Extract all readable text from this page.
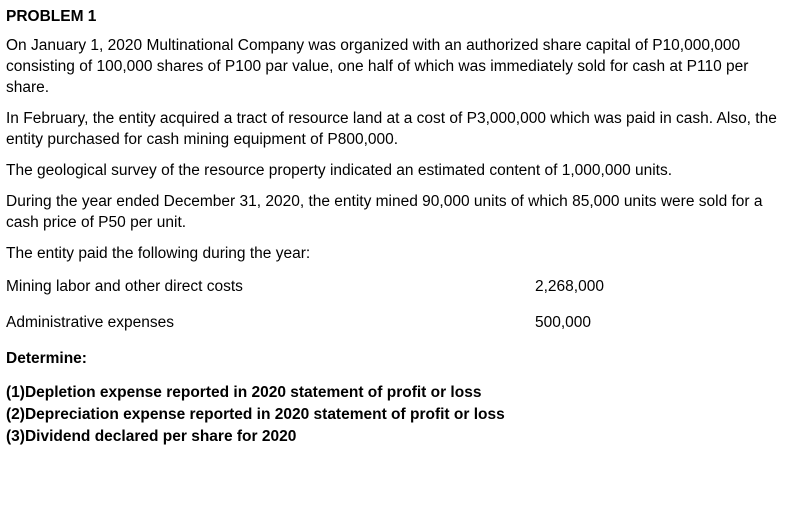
PROBLEM 1

On January 1, 2020 Multinational Company was organized with an authorized share capital of P10,000,000 consisting of 100,000 shares of P100 par value, one half of which was immediately sold for cash at P110 per share.

In February, the entity acquired a tract of resource land at a cost of P3,000,000 which was paid in cash. Also, the entity purchased for cash mining equipment of P800,000.

The geological survey of the resource property indicated an estimated content of 1,000,000 units.

During the year ended December 31, 2020, the entity mined 90,000 units of which 85,000 units were sold for a cash price of P50 per unit.

The entity paid the following during the year:

Mining labor and other direct costs	2,268,000
Administrative expenses	500,000
Determine:
(1) Depletion expense reported in 2020 statement of profit or loss
(2) Depreciation expense reported in 2020 statement of profit or loss
(3) Dividend declared per share for 2020
